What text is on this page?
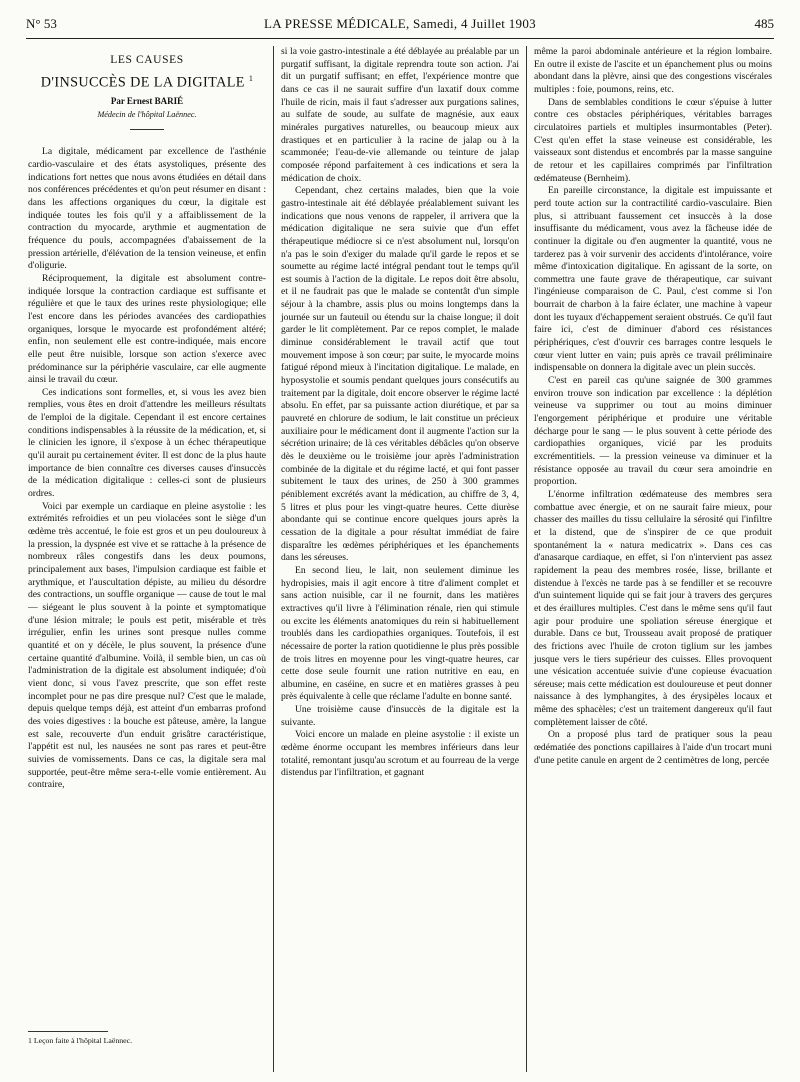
N° 53	LA PRESSE MÉDICALE, Samedi, 4 Juillet 1903	485
LES CAUSES
D'INSUCCÈS DE LA DIGITALE $^1$
Par Ernest BARIÉ
Médecin de l'hôpital Laënnec.

La digitale, médicament par excellence de l'asthénie cardio-vasculaire et des états asystoliques, présente des indications fort nettes que nous avons étudiées en détail dans nos conférences précédentes et qu'on peut résumer en disant : dans les affections organiques du cœur, la digitale est indiquée toutes les fois qu'il y a affaiblissement de la contraction du myocarde, arythmie et augmentation de fréquence du pouls, accompagnées d'abaissement de la pression artérielle, d'élévation de la tension veineuse, et enfin d'oligurie.

Réciproquement, la digitale est absolument contre-indiquée lorsque la contraction cardiaque est suffisante et régulière et que le taux des urines reste physiologique; elle l'est encore dans les périodes avancées des cardiopathies organiques, lorsque le myocarde est profondément altéré; enfin, non seulement elle est contre-indiquée, mais encore elle peut être nuisible, lorsque son action s'exerce avec prédominance sur la périphérie vasculaire, car elle augmente ainsi le travail du cœur.

Ces indications sont formelles, et, si vous les avez bien remplies, vous êtes en droit d'attendre les meilleurs résultats de l'emploi de la digitale. Cependant il est encore certaines conditions indispensables à la réussite de la médication, et, si le clinicien les ignore, il s'expose à un échec thérapeutique qu'il aurait pu certainement éviter. Il est donc de la plus haute importance de bien connaître ces diverses causes d'insuccès de la médication digitalique : celles-ci sont de plusieurs ordres.

Voici par exemple un cardiaque en pleine asystolie : les extrémités refroidies et un peu violacées sont le siège d'un œdème très accentué, le foie est gros et un peu douloureux à la pression, la dyspnée est vive et se rattache à la présence de nombreux râles congestifs dans les deux poumons, principalement aux bases, l'impulsion cardiaque est faible et arythmique, et l'auscultation dépiste, au milieu du désordre des contractions, un souffle organique — cause de tout le mal — siégeant le plus souvent à la pointe et symptomatique d'une lésion mitrale; le pouls est petit, misérable et très irrégulier, enfin les urines sont presque nulles comme quantité et on y décèle, le plus souvent, la présence d'une certaine quantité d'albumine. Voilà, il semble bien, un cas où l'administration de la digitale est absolument indiquée; d'où vient donc, si vous l'avez prescrite, que son effet reste incomplet pour ne pas dire presque nul? C'est que le malade, depuis quelque temps déjà, est atteint d'un embarras profond des voies digestives : la bouche est pâteuse, amère, la langue est sale, recouverte d'un enduit grisâtre caractéristique, l'appétit est nul, les nausées ne sont pas rares et peut-être suivies de vomissements. Dans ce cas, la digitale sera mal supportée, peut-être même sera-t-elle vomie entièrement. Au contraire,

si la voie gastro-intestinale a été déblayée au préalable par un purgatif suffisant, la digitale reprendra toute son action. J'ai dit un purgatif suffisant; en effet, l'expérience montre que dans ce cas il ne saurait suffire d'un laxatif doux comme l'huile de ricin, mais il faut s'adresser aux purgations salines, au sulfate de soude, au sulfate de magnésie, aux eaux minérales purgatives naturelles, ou beaucoup mieux aux drastiques et en particulier à la racine de jalap ou à la scammonée; l'eau-de-vie allemande ou teinture de jalap composée répond parfaitement à ces indications et sera la médication de choix.

Cependant, chez certains malades, bien que la voie gastro-intestinale ait été déblayée préalablement suivant les indications que nous venons de rappeler, il arrivera que la médication digitalique ne sera suivie que d'un effet thérapeutique médiocre si ce n'est absolument nul, lorsqu'on n'a pas le soin d'exiger du malade qu'il garde le repos et se soumette au régime lacté intégral pendant tout le temps qu'il est soumis à l'action de la digitale. Le repos doit être absolu, et il ne faudrait pas que le malade se contentât d'un simple séjour à la chambre, assis plus ou moins longtemps dans la journée sur un fauteuil ou étendu sur la chaise longue; il doit garder le lit complètement. Par ce repos complet, le malade diminue considérablement le travail actif que tout mouvement impose à son cœur; par suite, le myocarde moins fatigué répond mieux à l'incitation digitalique. Le malade, en hyposystolie et soumis pendant quelques jours consécutifs au traitement par la digitale, doit encore observer le régime lacté absolu. En effet, par sa puissante action diurétique, et par sa pauvreté en chlorure de sodium, le lait constitue un précieux auxiliaire pour le médicament dont il augmente l'action sur la sécrétion urinaire; de là ces véritables débâcles qu'on observe dès le deuxième ou le troisième jour après l'administration combinée de la digitale et du régime lacté, et qui font passer subitement le taux des urines, de 250 à 300 grammes péniblement excrétés avant la médication, au chiffre de 3, 4, 5 litres et plus pour les vingt-quatre heures. Cette diurèse abondante qui se continue encore quelques jours après la cessation de la digitale a pour résultat immédiat de faire disparaître les œdèmes périphériques et les épanchements dans les séreuses.

En second lieu, le lait, non seulement diminue les hydropisies, mais il agit encore à titre d'aliment complet et sans action nuisible, car il ne fournit, dans les matières extractives qu'il livre à l'élimination rénale, rien qui stimule ou excite les éléments anatomiques du rein si habituellement troublés dans les cardiopathies organiques. Toutefois, il est nécessaire de porter la ration quotidienne le plus près possible de trois litres en moyenne pour les vingt-quatre heures, car cette dose seule fournit une ration nutritive en eau, en albumine, en caséine, en sucre et en matières grasses à peu près équivalente à celle que réclame l'adulte en bonne santé.

Une troisième cause d'insuccès de la digitale est la suivante.

Voici encore un malade en pleine asystolie : il existe un œdème énorme occupant les membres inférieurs dans leur totalité, remontant jusqu'au scrotum et au fourreau de la verge distendus par l'infiltration, et gagnant

même la paroi abdominale antérieure et la région lombaire. En outre il existe de l'ascite et un épanchement plus ou moins abondant dans la plèvre, ainsi que des congestions viscérales multiples : foie, poumons, reins, etc.

Dans de semblables conditions le cœur s'épuise à lutter contre ces obstacles périphériques, véritables barrages circulatoires partiels et multiples insurmontables (Peter). C'est qu'en effet la stase veineuse est considérable, les vaisseaux sont distendus et encombrés par la masse sanguine de retour et les capillaires comprimés par l'infiltration œdémateuse (Bernheim).

En pareille circonstance, la digitale est impuissante et perd toute action sur la contractilité cardio-vasculaire. Bien plus, si attribuant faussement cet insuccès à la dose insuffisante du médicament, vous avez la fâcheuse idée de continuer la digitale ou d'en augmenter la quantité, vous ne tarderez pas à voir survenir des accidents d'intolérance, voire même d'intoxication digitalique. En agissant de la sorte, on commettra une faute grave de thérapeutique, car suivant l'ingénieuse comparaison de C. Paul, c'est comme si l'on bourrait de charbon à la faire éclater, une machine à vapeur dont les tuyaux d'échappement seraient obstrués. Ce qu'il faut faire ici, c'est de diminuer d'abord ces résistances périphériques, c'est d'ouvrir ces barrages contre lesquels le cœur vient lutter en vain; puis après ce travail préliminaire indispensable on donnera la digitale avec un plein succès.

C'est en pareil cas qu'une saignée de 300 grammes environ trouve son indication par excellence : la déplétion veineuse va supprimer ou tout au moins diminuer l'engorgement périphérique et produire une véritable décharge pour le sang — le plus souvent à cette période des cardiopathies organiques, vicié par les produits excrémentitiels. — la pression veineuse va diminuer et la résistance opposée au travail du cœur sera amoindrie en proportion.

L'énorme infiltration œdémateuse des membres sera combattue avec énergie, et on ne saurait faire mieux, pour chasser des mailles du tissu cellulaire la sérosité qui l'infiltre et la distend, que de s'inspirer de ce que produit spontanément la « natura medicatrix ». Dans ces cas d'anasarque cardiaque, en effet, si l'on n'intervient pas assez rapidement la peau des membres rosée, lisse, brillante et distendue à l'excès ne tarde pas à se fendiller et se recouvre d'un suintement liquide qui se fait jour à travers des gerçures et des éraillures multiples. C'est dans le même sens qu'il faut agir pour produire une spoliation séreuse énergique et durable. Dans ce but, Trousseau avait proposé de pratiquer des frictions avec l'huile de croton tiglium sur les jambes jusque vers le tiers supérieur des cuisses. Elles provoquent une vésication accentuée suivie d'une copieuse évacuation séreuse; mais cette médication est douloureuse et peut donner naissance à des lymphangites, à des érysipèles locaux et même des sphacèles; c'est un traitement dangereux qu'il faut complètement laisser de côté.

On a proposé plus tard de pratiquer sous la peau œdématiée des ponctions capillaires à l'aide d'un trocart muni d'une petite canule en argent de 2 centimètres de long, percée

1 Leçon faite à l'hôpital Laënnec.
